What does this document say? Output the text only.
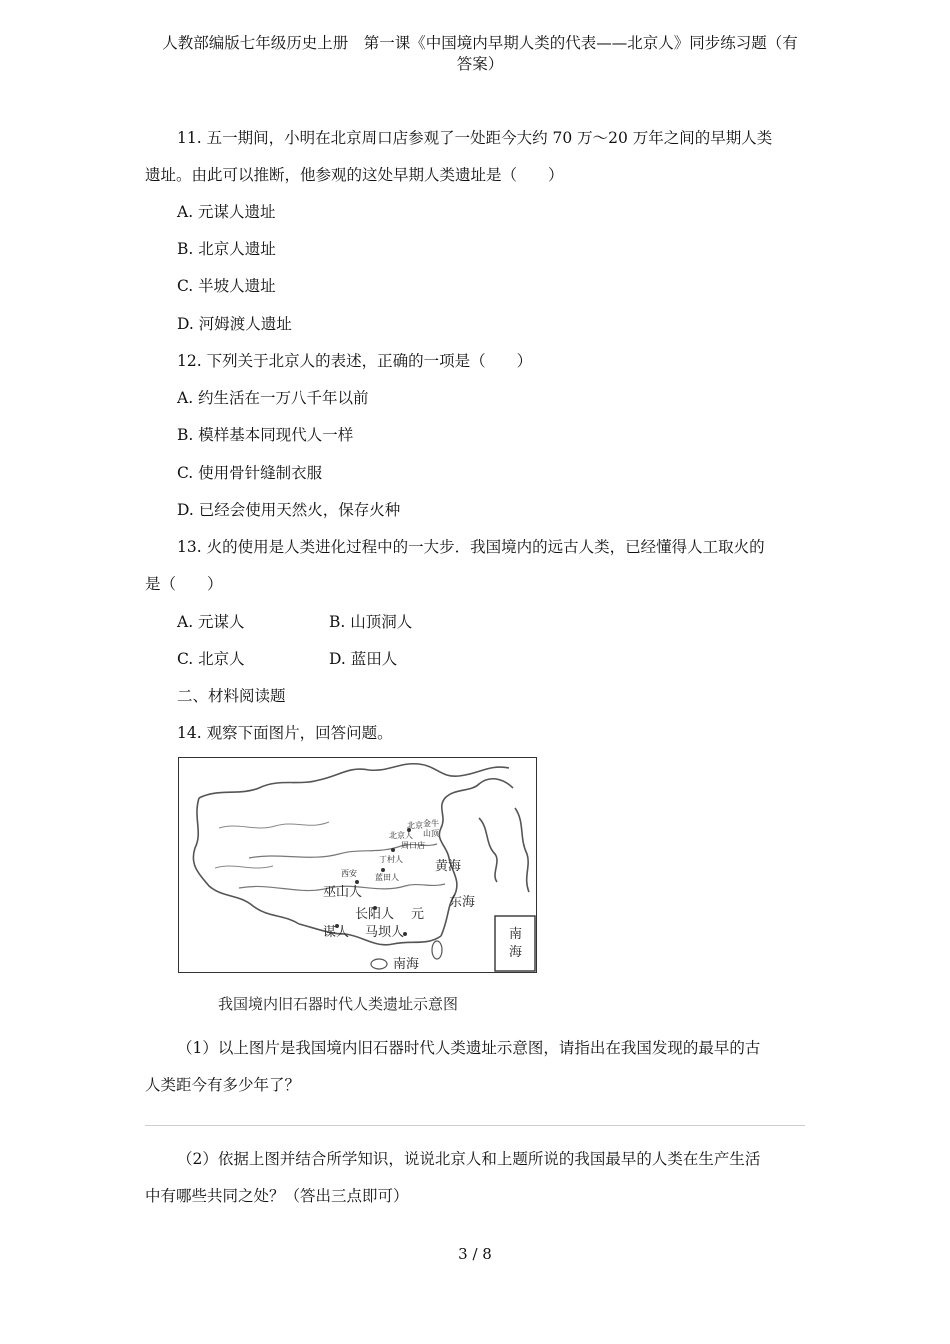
人教部编版七年级历史上册　第一课《中国境内早期人类的代表——北京人》同步练习题（有
答案）
11. 五一期间，小明在北京周口店参观了一处距今大约 70 万～20 万年之间的早期人类
遗址。由此可以推断，他参观的这处早期人类遗址是（　　）
A. 元谋人遗址
B. 北京人遗址
C. 半坡人遗址
D. 河姆渡人遗址
12. 下列关于北京人的表述，正确的一项是（　　）
A. 约生活在一万八千年以前
B. 模样基本同现代人一样
C. 使用骨针缝制衣服
D. 已经会使用天然火，保存火种
13. 火的使用是人类进化过程中的一大步．我国境内的远古人类，已经懂得人工取火的
是（　　）
A. 元谋人	B. 山顶洞人
C. 北京人	D. 蓝田人
二、材料阅读题
14. 观察下面图片，回答问题。
北京
北京人
周口店
丁村人
西安 蓝田人
金牛
山顶
黄海
东海
南海
巫山人
长阳人 元
谋人 马坝人	南
海
我国境内旧石器时代人类遗址示意图
（1）以上图片是我国境内旧石器时代人类遗址示意图，请指出在我国发现的最早的古
人类距今有多少年了？
（2）依据上图并结合所学知识，说说北京人和上题所说的我国最早的人类在生产生活
中有哪些共同之处？（答出三点即可）
3 / 8
